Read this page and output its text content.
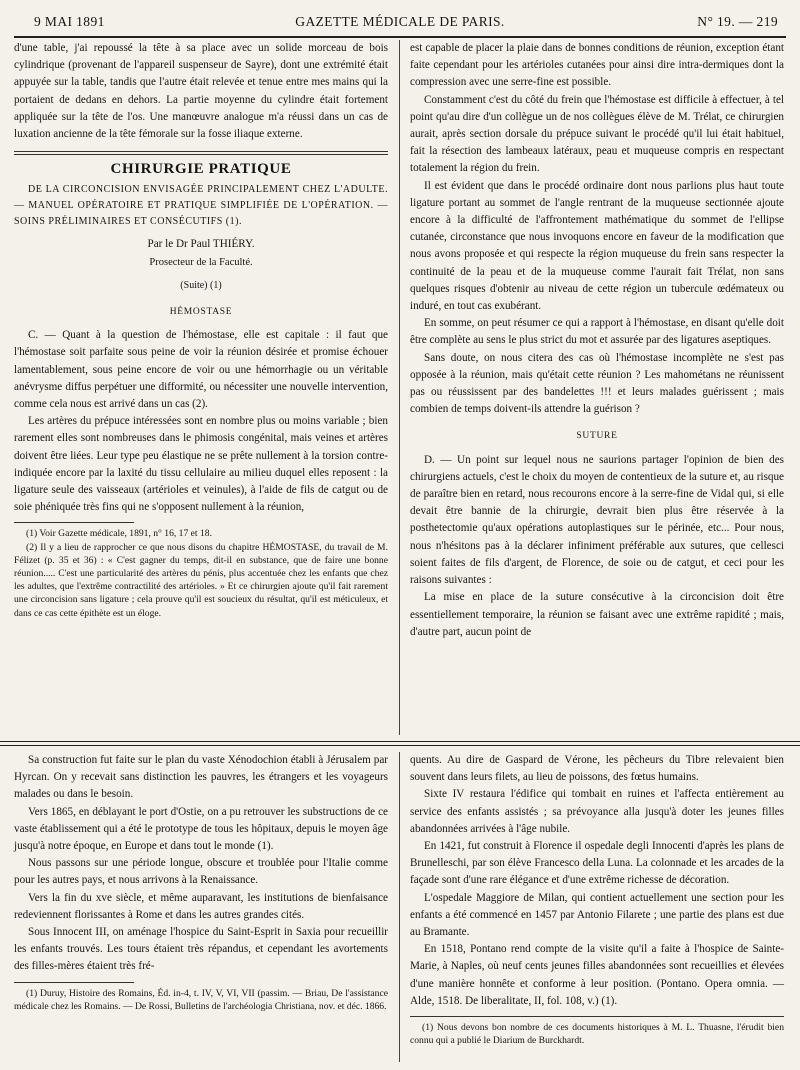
9 MAI 1891	GAZETTE MÉDICALE DE PARIS.	N° 19. — 219

d'une table, j'ai repoussé la tête à sa place avec un solide morceau de bois cylindrique (provenant de l'appareil suspenseur de Sayre), dont une extrémité était appuyée sur la table, tandis que l'autre était relevée et tenue entre mes mains qui la portaient de dedans en dehors. La partie moyenne du cylindre était fortement appliquée sur la tête de l'os. Une manœuvre analogue m'a réussi dans un cas de luxation ancienne de la tête fémorale sur la fosse iliaque externe.

CHIRURGIE PRATIQUE

DE LA CIRCONCISION ENVISAGÉE PRINCIPALEMENT CHEZ L'ADULTE. — MANUEL OPÉRATOIRE ET PRATIQUE SIMPLIFIÉE DE L'OPÉRATION. — SOINS PRÉLIMINAIRES ET CONSÉCUTIFS (1).

Par le Dr Paul THIÉRY.
Prosecteur de la Faculté.
(Suite) (1)
HÉMOSTASE

C. — Quant à la question de l'hémostase, elle est capitale : il faut que l'hémostase soit parfaite sous peine de voir la réunion désirée et promise échouer lamentablement, sous peine encore de voir ou une hémorrhagie ou un véritable anévrysme diffus perpétuer une difformité, ou nécessiter une nouvelle intervention, comme cela nous est arrivé dans un cas (2).

Les artères du prépuce intéressées sont en nombre plus ou moins variable ; bien rarement elles sont nombreuses dans le phimosis congénital, mais veines et artères doivent être liées. Leur type peu élastique ne se prête nullement à la torsion contre-indiquée encore par la laxité du tissu cellulaire au milieu duquel elles reposent : la ligature seule des vaisseaux (artérioles et veinules), à l'aide de fils de catgut ou de soie phéniquée très fins qui ne s'opposent nullement à la réunion,

(1) Voir Gazette médicale, 1891, n° 16, 17 et 18.

(2) Il y a lieu de rapprocher ce que nous disons du chapitre HÉMOSTASE, du travail de M. Félizet (p. 35 et 36) : « C'est gagner du temps, dit-il en substance, que de faire une bonne réunion..... C'est une particularité des artères du pénis, plus accentuée chez les enfants que chez les adultes, que l'extrême contractilité des artérioles. » Et ce chirurgien ajoute qu'il fait rarement une circoncision sans ligature ; cela prouve qu'il est soucieux du résultat, qu'il est méticuleux, et dans ce cas cette épithète est un éloge.

est capable de placer la plaie dans de bonnes conditions de réunion, exception étant faite cependant pour les artérioles cutanées pour ainsi dire intra-dermiques dont la compression avec une serre-fine est possible.

Constamment c'est du côté du frein que l'hémostase est difficile à effectuer, à tel point qu'au dire d'un collègue un de nos collègues élève de M. Trélat, ce chirurgien aurait, après section dorsale du prépuce suivant le procédé qu'il lui était habituel, fait la résection des lambeaux latéraux, peau et muqueuse compris en respectant totalement la région du frein.

Il est évident que dans le procédé ordinaire dont nous parlions plus haut toute ligature portant au sommet de l'angle rentrant de la muqueuse sectionnée ajoute encore à la difficulté de l'affrontement mathématique du sommet de l'ellipse cutanée, circonstance que nous invoquons encore en faveur de la modification que nous avons proposée et qui respecte la région muqueuse du frein sans respecter la continuité de la peau et de la muqueuse comme l'aurait fait Trélat, non sans quelques risques d'obtenir au niveau de cette région un tubercule œdémateux ou induré, en tout cas exubérant.

En somme, on peut résumer ce qui a rapport à l'hémostase, en disant qu'elle doit être complète au sens le plus strict du mot et assurée par des ligatures aseptiques.

Sans doute, on nous citera des cas où l'hémostase incomplète ne s'est pas opposée à la réunion, mais qu'était cette réunion ? Les mahométans ne réunissent pas ou réussissent par des bandelettes !!! et leurs malades guérissent ; mais combien de temps doivent-ils attendre la guérison ?

SUTURE

D. — Un point sur lequel nous ne saurions partager l'opinion de bien des chirurgiens actuels, c'est le choix du moyen de contentieux de la suture et, au risque de paraître bien en retard, nous recourons encore à la serre-fine de Vidal qui, si elle devait être bannie de la chirurgie, devrait bien plus être réservée à la posthetectomie qu'aux opérations autoplastiques sur le périnée, etc... Pour nous, nous n'hésitons pas à la déclarer infiniment préférable aux sutures, que cellesci soient faites de fils d'argent, de Florence, de soie ou de catgut, et ceci pour les raisons suivantes :

La mise en place de la suture consécutive à la circoncision doit être essentiellement temporaire, la réunion se faisant avec une extrême rapidité ; mais, d'autre part, aucun point de

Sa construction fut faite sur le plan du vaste Xénodochion établi à Jérusalem par Hyrcan. On y recevait sans distinction les pauvres, les étrangers et les voyageurs malades ou dans le besoin.

Vers 1865, en déblayant le port d'Ostie, on a pu retrouver les substructions de ce vaste établissement qui a été le prototype de tous les hôpitaux, depuis le moyen âge jusqu'à notre époque, en Europe et dans tout le monde (1).

Nous passons sur une période longue, obscure et troublée pour l'Italie comme pour les autres pays, et nous arrivons à la Renaissance.

Vers la fin du xve siècle, et même auparavant, les institutions de bienfaisance redeviennent florissantes à Rome et dans les autres grandes cités.

Sous Innocent III, on aménage l'hospice du Saint-Esprit in Saxia pour recueillir les enfants trouvés. Les tours étaient très répandus, et cependant les avortements des filles-mères étaient très fré-

(1) Duruy, Histoire des Romains, Éd. in-4, t. IV, V, VI, VII (passim. — Briau, De l'assistance médicale chez les Romains. — De Rossi, Bulletins de l'archéologia Christiana, nov. et déc. 1866.

quents. Au dire de Gaspard de Vérone, les pêcheurs du Tibre relevaient bien souvent dans leurs filets, au lieu de poissons, des fœtus humains.

Sixte IV restaura l'édifice qui tombait en ruines et l'affecta entièrement au service des enfants assistés ; sa prévoyance alla jusqu'à doter les jeunes filles abandonnées arrivées à l'âge nubile.

En 1421, fut construit à Florence il ospedale degli Innocenti d'après les plans de Brunelleschi, par son élève Francesco della Luna. La colonnade et les arcades de la façade sont d'une rare élégance et d'une extrême richesse de décoration.

L'ospedale Maggiore de Milan, qui contient actuellement une section pour les enfants a été commencé en 1457 par Antonio Filarete ; une partie des plans est due au Bramante.

En 1518, Pontano rend compte de la visite qu'il a faite à l'hospice de Sainte-Marie, à Naples, où neuf cents jeunes filles abandonnées sont recueillies et élevées d'une manière honnête et conforme à leur position. (Pontano. Opera omnia. — Alde, 1518. De liberalitate, II, fol. 108, v.) (1).

(1) Nous devons bon nombre de ces documents historiques à M. L. Thuasne, l'érudit bien connu qui a publié le Diarium de Burckhardt.
